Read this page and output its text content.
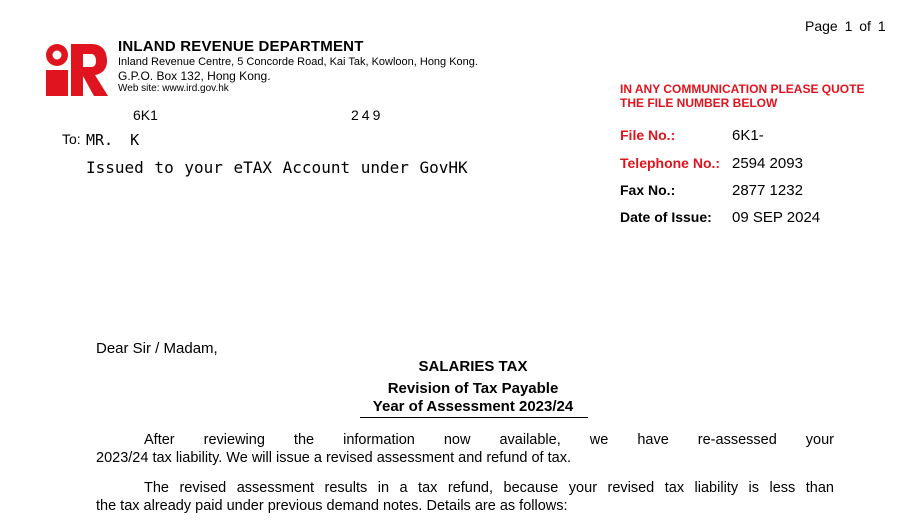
Page 1 of 1
INLAND REVENUE DEPARTMENT
Inland Revenue Centre, 5 Concorde Road, Kai Tak, Kowloon, Hong Kong.
G.P.O. Box 132, Hong Kong.
Web site: www.ird.gov.hk	IN ANY COMMUNICATION PLEASE QUOTE
THE FILE NUMBER BELOW
6K1	249
To: MR. K
Issued to your eTAX Account under GovHK
File No.:	6K1-
Telephone No.: 2594 2093
Fax No.:	2877 1232
Date of Issue: 09 SEP 2024
Dear Sir / Madam,
SALARIES TAX
Revision of Tax Payable
Year of Assessment 2023/24
After reviewing the information now available, we have re-assessed your
2023/24 tax liability. We will issue a revised assessment and refund of tax.
The revised assessment results in a tax refund, because your revised tax liability is less than
the tax already paid under previous demand notes. Details are as follows:
